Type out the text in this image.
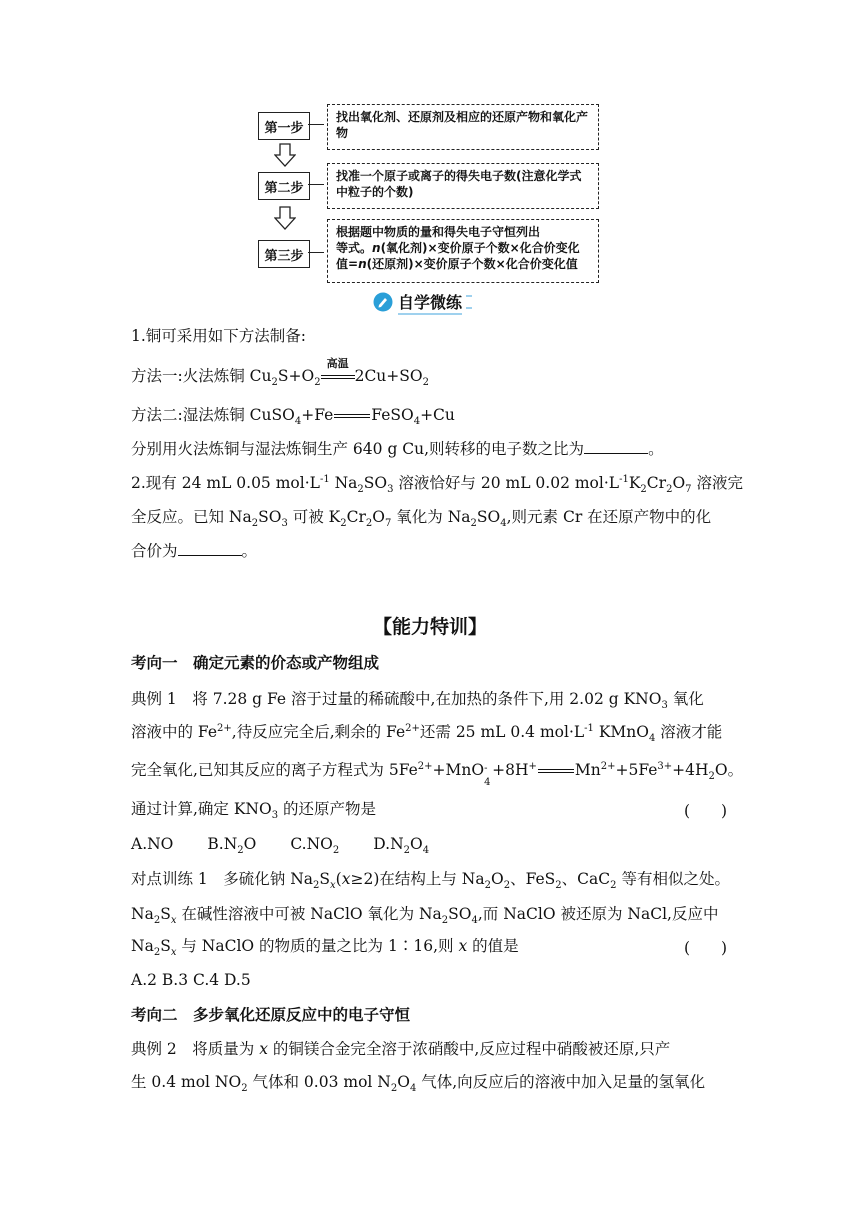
第一步
找出氧化剂、还原剂及相应的还原产物和氧化产物
第二步
找准一个原子或离子的得失电子数(注意化学式中粒子的个数)
第三步
根据题中物质的量和得失电子守恒列出
等式。n(氧化剂)×变价原子个数×化合价变化
值=n(还原剂)×变价原子个数×化合价变化值
自学微练
1.铜可采用如下方法制备:
方法一:火法炼铜 $Cu_2S+O_2$
高温
$2Cu+SO_2$
方法二:湿法炼铜 CuSO$_4$+Fe FeSO$_4$+Cu
分别用火法炼铜与湿法炼铜生产 640 g Cu,则转移的电子数之比为	。
2.现有 24 mL 0.05 $mol\cdot L^{-1}$ $Na_2SO_3$ 溶液恰好与 20 mL 0.02 $mol\cdot L^{-1}K_2Cr_2O_7$ 溶液完
全反应。已知 $Na_2SO_3$ 可被 $K_2Cr_2O_7$ 氧化为 $Na_2SO_4$,则元素 Cr 在还原产物中的化
合价为	。
【能力特训】
考向一　确定元素的价态或产物组成
典例 1　将 7.28 g Fe 溶于过量的稀硫酸中,在加热的条件下,用 2.02 g $KNO_3$ 氧化
溶液中的 $Fe^{2+}$,待反应完全后,剩余的 $Fe^{2+}$还需 25 mL 0.4 $mol\cdot L^{-1}$ KMnO$_4$ 溶液才能
完全氧化,已知其反应的离子方程式为 $5Fe^{2+}+MnO$ -
4
+8H+ $Mn^{2+}+5Fe^{3+}+4H_2O$。
通过计算,确定 $KNO_3$ 的还原产物是	(　　)
A.NO $B.N_2O$ $C.NO_2$ $D.N_2O_4$
对点训练 1　多硫化钠 $Na_2S_x(x\ge 2)$在结构上与 $Na_2O_2$、FeS$_2$、CaC$_2$ 等有相似之处。
$Na_2S_x$ 在碱性溶液中可被 NaClO 氧化为 $Na_2SO_4$,而 NaClO 被还原为 NaCl,反应中
$Na_2S_x$ 与 NaClO 的物质的量之比为 1∶16,则 x 的值是	(　　)
A.2 B.3 C.4 D.5
考向二　多步氧化还原反应中的电子守恒
典例 2　将质量为 x 的铜镁合金完全溶于浓硝酸中,反应过程中硝酸被还原,只产
生 0.4 mol $NO_2$ 气体和 0.03 mol $N_2O_4$ 气体,向反应后的溶液中加入足量的氢氧化
